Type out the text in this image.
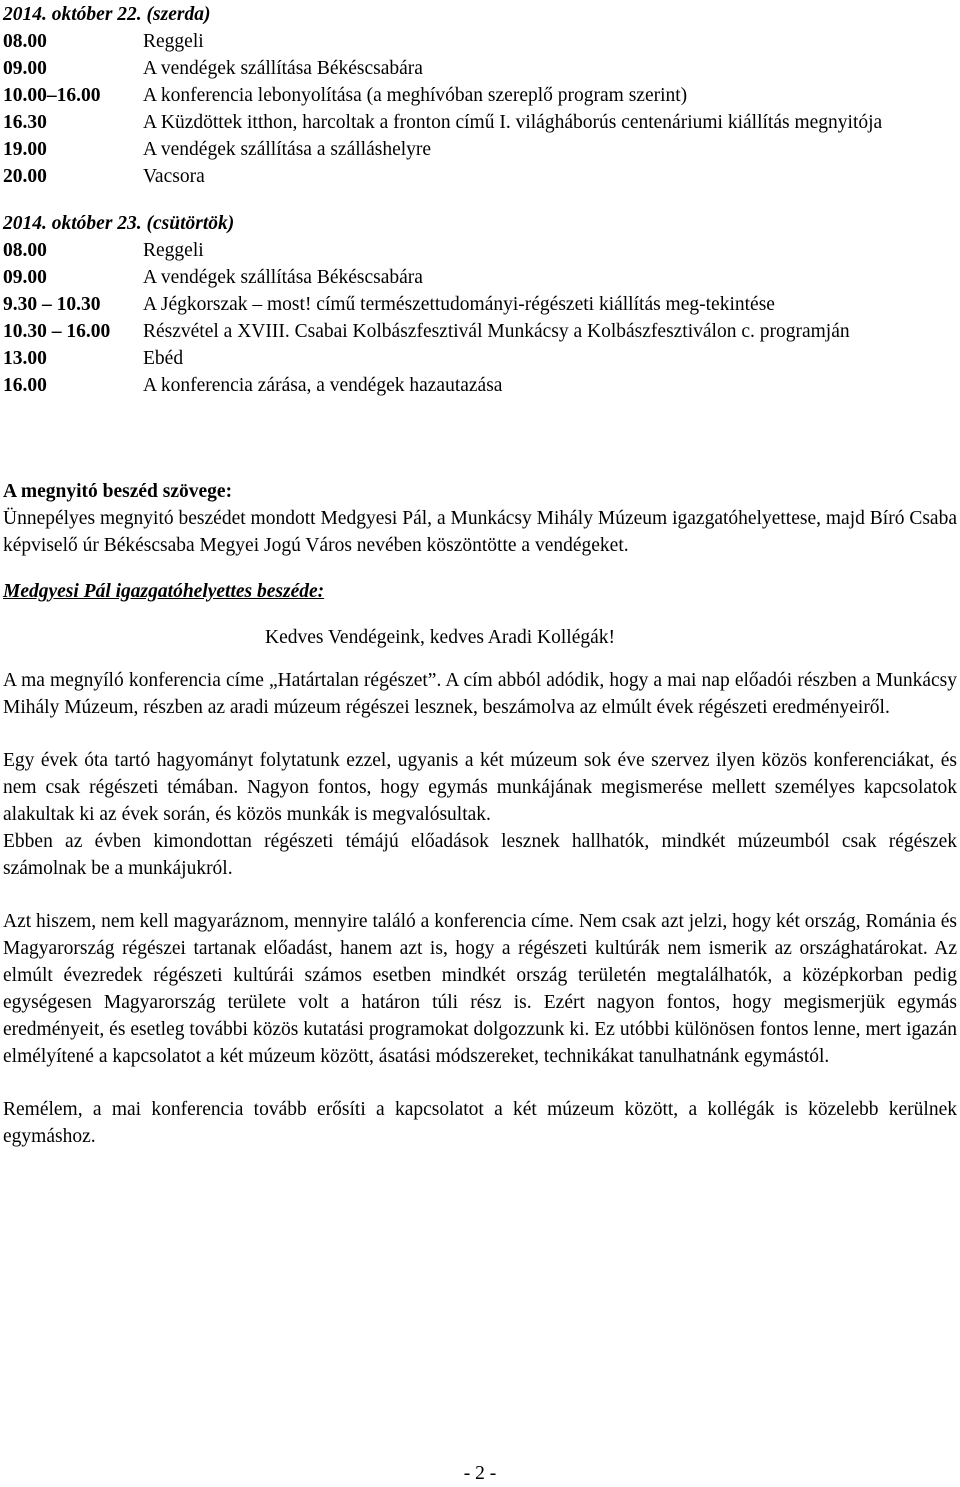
2014. október 22. (szerda)
08.00	Reggeli
09.00	A vendégek szállítása Békéscsabára
10.00–16.00	A konferencia lebonyolítása (a meghívóban szereplő program szerint)
16.30	A Küzdöttek itthon, harcoltak a fronton című I. világháborús centenáriumi kiállítás megnyitója
19.00	A vendégek szállítása a szálláshelyre
20.00	Vacsora
2014. október 23. (csütörtök)
08.00	Reggeli
09.00	A vendégek szállítása Békéscsabára
9.30 – 10.30	A Jégkorszak – most! című természettudományi-régészeti kiállítás meg-tekintése
10.30 – 16.00	Részvétel a XVIII. Csabai Kolbászfesztivál Munkácsy a Kolbászfesztiválon c. programján
13.00	Ebéd
16.00	A konferencia zárása, a vendégek hazautazása
A megnyitó beszéd szövege:
Ünnepélyes megnyitó beszédet mondott Medgyesi Pál, a Munkácsy Mihály Múzeum igazgatóhelyettese, majd Bíró Csaba képviselő úr Békéscsaba Megyei Jogú Város nevében köszöntötte a vendégeket.
Medgyesi Pál igazgatóhelyettes beszéde:
Kedves Vendégeink, kedves Aradi Kollégák!
A ma megnyíló konferencia címe „Határtalan régészet”. A cím abból adódik, hogy a mai nap előadói részben a Munkácsy Mihály Múzeum, részben az aradi múzeum régészei lesznek, beszámolva az elmúlt évek régészeti eredményeiről.
Egy évek óta tartó hagyományt folytatunk ezzel, ugyanis a két múzeum sok éve szervez ilyen közös konferenciákat, és nem csak régészeti témában. Nagyon fontos, hogy egymás munkájának megismerése mellett személyes kapcsolatok alakultak ki az évek során, és közös munkák is megvalósultak.
Ebben az évben kimondottan régészeti témájú előadások lesznek hallhatók, mindkét múzeumból csak régészek számolnak be a munkájukról.
Azt hiszem, nem kell magyaráznom, mennyire találó a konferencia címe. Nem csak azt jelzi, hogy két ország, Románia és Magyarország régészei tartanak előadást, hanem azt is, hogy a régészeti kultúrák nem ismerik az országhatárokat. Az elmúlt évezredek régészeti kultúrái számos esetben mindkét ország területén megtalálhatók, a középkorban pedig egységesen Magyarország területe volt a határon túli rész is. Ezért nagyon fontos, hogy megismerjük egymás eredményeit, és esetleg további közös kutatási programokat dolgozzunk ki. Ez utóbbi különösen fontos lenne, mert igazán elmélyítené a kapcsolatot a két múzeum között, ásatási módszereket, technikákat tanulhatnánk egymástól.
Remélem, a mai konferencia tovább erősíti a kapcsolatot a két múzeum között, a kollégák is közelebb kerülnek egymáshoz.
- 2 -
